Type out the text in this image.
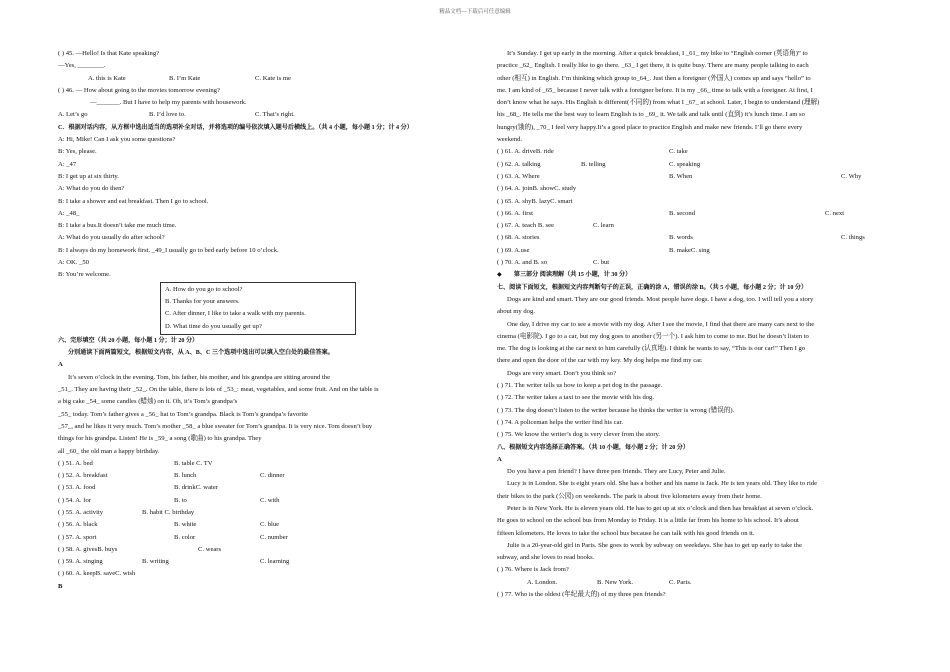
精品文档---下载后可任意编辑
( ) 45. —Hello! Is that Kate speaking?
—Yes, ________.
A. this is Kate	B. I’m Kate	C. Kate is me
( ) 46. — How about going to the movies tomorrow evening?
—_______. But I have to help my parents with housework.
A. Let’s go	B. I’d love to.	C. That’s right.
C．根据对话内容，从方框中选出适当的选项补全对话，并将选项的编号依次填入题号后横线上。（共 4 小题，每小题 1 分；计 4 分）
A: Hi, Mike! Can I ask you some questions?
B: Yes, please.
A: _47
B: I get up at six thirty.
A: What do you do then?
B: I take a shower and eat breakfast. Then I go to school.
A: _48_
B: I take a bus.It doesn’t take me much time.
A: What do you usually do after school?
B: I always do my homework first. _49_I usually go to bed early before 10 o’clock.
A: OK. _50
B: You’re welcome.
A. How do you go to school?
B. Thanks for your answers.
C. After dinner, I like to take a walk with my parents.
D. What time do you usually get up?
六、完形填空（共 20 小题，每小题 1 分；计 20 分）
分别通读下面两篇短文，根据短文内容，从 A、B、C 三个选项中选出可以填入空白处的最佳答案。
A
It’s seven o’clock in the evening. Tom, his father, his mother, and his grandpa are sitting around the
_51_. They are having their _52_. On the table, there is lots of _53_: meat, vegetables, and some fruit. And on the table is
a big cake _54_ some candles (蜡烛) on it. Oh, it’s Tom’s grandpa’s
_55_ today. Tom’s father gives a _56_ hat to Tom’s grandpa. Black is Tom’s grandpa’s favorite
_57_, and he likes it very much. Tom’s mother _58_ a blue sweater for Tom’s grandpa. It is very nice. Tom doesn’t buy
things for his grandpa. Listen! He is _59_ a song (歌曲) to his grandpa. They
all _60_ the old man a happy birthday.
( ) 51. A. bed	B. table C. TV
( ) 52. A. breakfast	B. lunch	C. dinner
( ) 53. A. food	B. drinkC. water
( ) 54. A. for	B. to	C. with
( ) 55. A. activity	B. habit C. birthday
( ) 56. A. black	B. white	C. blue
( ) 57. A. sport	B. color	C. number
( ) 58. A. givesB. buys	C. wears
( ) 59. A. singing	B. writing	C. learning
( ) 60. A. keepB. saveC. wish
B
It’s Sunday. I get up early in the morning. After a quick breakfast, I _61_ my bike to “English corner (英语角)” to
practice _62_ English. I really like to go there. _63_ I get there, it is quite busy. There are many people talking to each
other (相互) in English. I’m thinking which group to_64_. Just then a foreigner (外国人) comes up and says “hello” to
me. I am kind of _65_ because I never talk with a foreigner before. It is my _66_ time to talk with a foreigner. At first, I
don’t know what he says. His English is different(不同的) from what I _67_ at school. Later, I begin to understand (理解)
his _68_. He tells me the best way to learn English is to _69_ it. We talk and talk until (直到) it’s lunch time. I am so
hungry(饿的), _70_ I feel very happy.It’s a good place to practice English and make new friends. I’ll go there every
weekend.
( ) 61. A. driveB. ride	C. take
( ) 62. A. talking	B. telling	C. speaking
( ) 63. A. Where	B. When	C. Why
( ) 64. A. joinB. showC. study
( ) 65. A. shyB. lazyC. smart
( ) 66. A. first	B. second	C. next
( ) 67. A. teach B. see	C. learn
( ) 68. A. stories	B. words	C. things
( ) 69. A.use	B. makeC. sing
( ) 70. A. and B. so	C. but
◆　　第三部分 阅读理解（共 15 小题，计 30 分）
七、阅读下面短文，根据短文内容判断句子的正误，正确的涂 A，错误的涂 B。（共 5 小题，每小题 2 分；计 10 分）
Dogs are kind and smart. They are our good friends. Most people have dogs. I have a dog, too. I will tell you a story
about my dog.
One day, I drive my car to see a movie with my dog. After I see the movie, I find that there are many cars next to the
cinema (电影院). I go to a car, but my dog goes to another (另一个). I ask him to come to me. But he doesn’t listen to
me. The dog is looking at the car next to him carefully (认真地). I think he wants to say, “This is our car!” Then I go
there and open the door of the car with my key. My dog helps me find my car.
Dogs are very smart. Don’t you think so?
( ) 71. The writer tells us how to keep a pet dog in the passage.
( ) 72. The writer takes a taxi to see the movie with his dog.
( ) 73. The dog doesn’t listen to the writer because he thinks the writer is wrong (错误的).
( ) 74. A policeman helps the writer find his car.
( ) 75. We know the writer’s dog is very clever from the story.
八、根据短文内容选择正确答案。（共 10 小题，每小题 2 分；计 20 分）
A
Do you have a pen friend? I have three pen friends. They are Lucy, Peter and Julie.
Lucy is in London. She is eight years old. She has a bother and his name is Jack. He is ten years old. They like to ride
their bikes to the park (公园) on weekends. The park is about five kilometers away from their home.
Peter is in New York. He is eleven years old. He has to get up at six o’clock and then has breakfast at seven o’clock.
He goes to school on the school bus from Monday to Friday. It is a little far from his home to his school. It’s about
fifteen kilometers. He loves to take the school bus because he can talk with his good friends on it.
Julie is a 20-year-old girl in Paris. She goes to work by subway on weekdays. She has to get up early to take the
subway, and she loves to read books.
( ) 76. Where is Jack from?
A. London.	B. New York.	C. Paris.
( ) 77. Who is the oldest (年纪最大的) of my three pen friends?
